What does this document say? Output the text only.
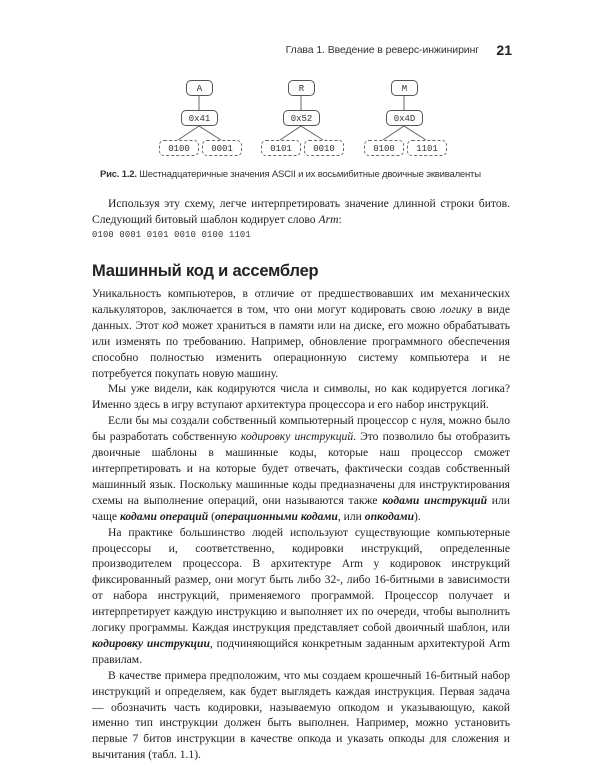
Глава 1. Введение в реверс-инжиниринг 21
A
0x41
0100	0001
R
0x52
0101	0010
M
0x4D
0100	1101
Рис. 1.2. Шестнадцатеричные значения ASCII и их восьмибитные двоичные эквиваленты

Используя эту схему, легче интерпретировать значение длинной строки битов. Следующий битовый шаблон кодирует слово Arm:

0100 0001 0101 0010 0100 1101
Машинный код и ассемблер

Уникальность компьютеров, в отличие от предшествовавших им механических калькуляторов, заключается в том, что они могут кодировать свою логику в виде данных. Этот код может храниться в памяти или на диске, его можно обрабатывать или изменять по требованию. Например, обновление программного обеспечения способно полностью изменить операционную систему компьютера и не потребуется покупать новую машину.

Мы уже видели, как кодируются числа и символы, но как кодируется логика? Именно здесь в игру вступают архитектура процессора и его набор инструкций.

Если бы мы создали собственный компьютерный процессор с нуля, можно было бы разработать собственную кодировку инструкций. Это позволило бы отобразить двоичные шаблоны в машинные коды, которые наш процессор сможет интерпретировать и на которые будет отвечать, фактически создав собственный машинный язык. Поскольку машинные коды предназначены для инструктирования схемы на выполнение операций, они называются также кодами инструкций или чаще кодами операций (операционными кодами, или опкодами).

На практике большинство людей используют существующие компьютерные процессоры и, соответственно, кодировки инструкций, определенные производителем процессора. В архитектуре Arm у кодировок инструкций фиксированный размер, они могут быть либо 32-, либо 16-битными в зависимости от набора инструкций, применяемого программой. Процессор получает и интерпретирует каждую инструкцию и выполняет их по очереди, чтобы выполнить логику программы. Каждая инструкция представляет собой двоичный шаблон, или кодировку инструкции, подчиняющийся конкретным заданным архитектурой Arm правилам.

В качестве примера предположим, что мы создаем крошечный 16-битный набор инструкций и определяем, как будет выглядеть каждая инструкция. Первая задача — обозначить часть кодировки, называемую опкодом и указывающую, какой именно тип инструкции должен быть выполнен. Например, можно установить первые 7 битов инструкции в качестве опкода и указать опкоды для сложения и вычитания (табл. 1.1).
